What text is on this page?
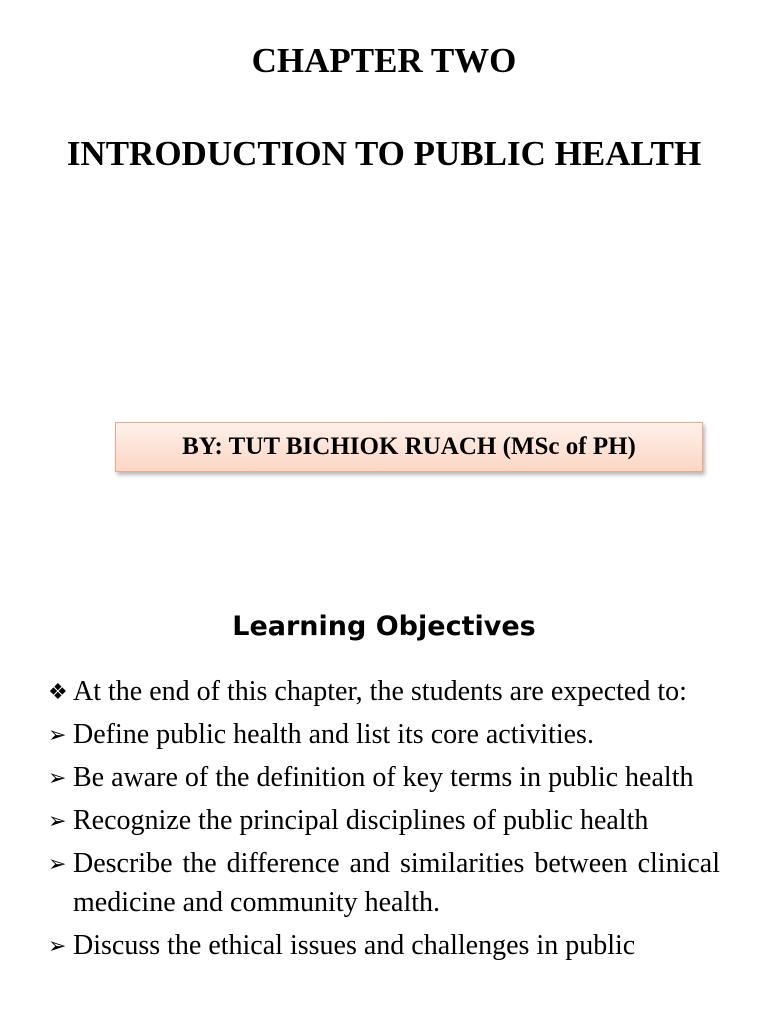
CHAPTER TWO
INTRODUCTION TO PUBLIC HEALTH
BY: TUT BICHIOK RUACH (MSc of PH)
Learning Objectives
❖ At the end of this chapter, the students are expected to:
➢ Define public health and list its core activities.
➢ Be aware of the definition of key terms in public health
➢ Recognize the principal disciplines of public health
➢ Describe the difference and similarities between clinical medicine and community health.
➢ Discuss the ethical issues and challenges in public
